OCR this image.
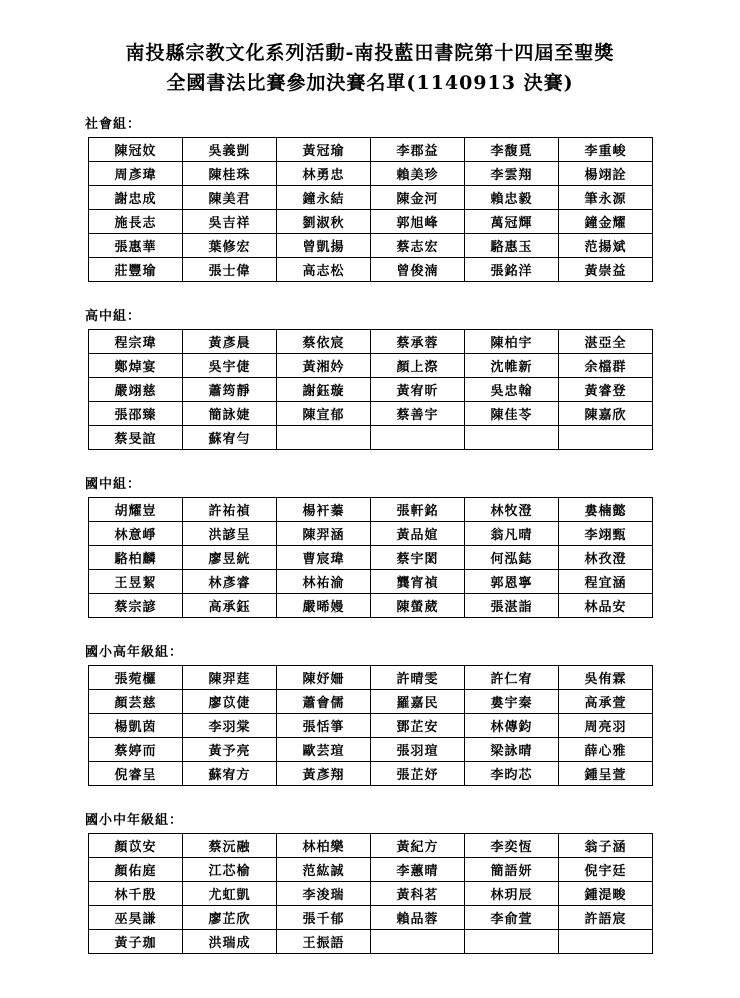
南投縣宗教文化系列活動-南投藍田書院第十四屆至聖獎
全國書法比賽參加決賽名單(1140913 決賽)
社會組：
陳冠妏	吳義剴	黃冠瑜	李郡益	李馥覓	李重峻
周彥瑋	陳桂珠	林勇忠	賴美珍	李雲翔	楊翊詮
謝忠成	陳美君	鐘永結	陳金河	賴忠毅	筆永源
施長志	吳吉祥	劉淑秋	郭旭峰	萬冠輝	鐘金耀
張惠華	葉修宏	曾凱揚	蔡志宏	駱惠玉	范揚斌
莊豐瑜	張士偉	高志松	曾俊湳	張銘洋	黃崇益
高中組：
程宗瑋	黃彥晨	蔡依宸	蔡承蓉	陳柏宇	湛亞全
鄭焯宴	吳宇倢	黃湘妗	顏上漈	沈帷新	余檔群
嚴翊慈	蕭筠靜	謝鈺璇	黃宥昕	吳忠翰	黃睿登
張邵臻	簡詠婕	陳宣郁	蔡善宇	陳佳苓	陳嘉欣
蔡旻誼	蘇宥勻				
國中組：
胡耀豈	許祐禎	楊衦蓁	張軒銘	林牧澄	婁楠懿
林意崢	洪諺呈	陳羿涵	黃品媗	翁凡晴	李翊甄
駱柏麟	廖昱絖	曹宸瑋	蔡宇閎	何泓鋕	林孜澄
王昱絜	林彥睿	林祐渝	龔宵禎	郭恩寧	程宜涵
蔡宗諺	高承鈺	嚴晞嫚	陳螢葳	張湛詣	林品安
國小高年級組：
張菀欏	陳羿莛	陳妤姍	許晴雯	許仁宥	吳侑霖
顏芸慈	廖苡倢	蕭會儒	羅嘉民	婁宇秦	高承萱
楊凱茵	李羽棠	張恬箏	鄧芷安	林傳鈞	周亮羽
蔡婷而	黃予亮	歐芸瑄	張羽瑄	梁詠晴	薛心雅
倪睿呈	蘇宥方	黃彥翔	張芷妤	李昀芯	鍾呈萱
國小中年級組：
顏苡安	蔡沅融	林柏樂	黃紀方	李奕恆	翁子涵
顏佑庭	江芯榆	范紘誠	李蕙晴	簡語妍	倪宇廷
林千殷	尤虹凱	李浚瑞	黃科茗	林玥辰	鍾湜畯
巫昊謙	廖芷欣	張千郁	賴品蓉	李俞萱	許語宸
黃子珈	洪瑞成	王振語			
